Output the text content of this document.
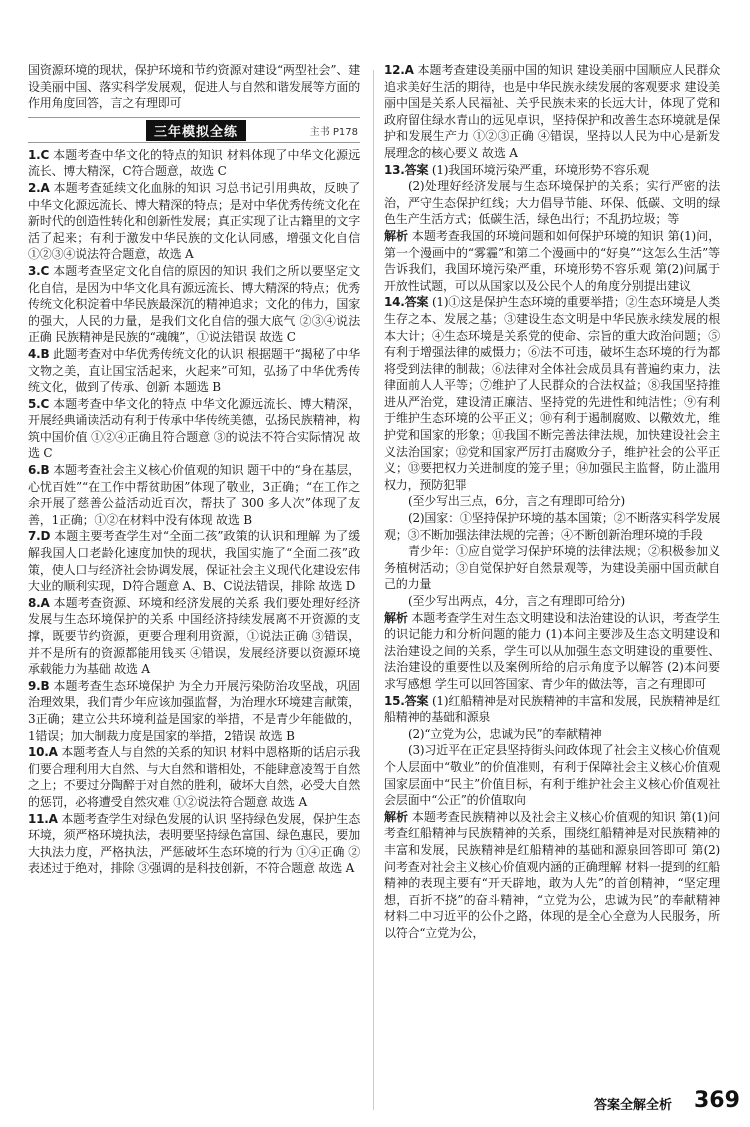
国资源环境的现状，保护环境和节约资源对建设“两型社会”、建设美丽中国、落实科学发展观，促进人与自然和谐发展等方面的作用角度回答，言之有理即可

三年模拟全练	主书 P178

1.C 本题考查中华文化的特点的知识 材料体现了中华文化源远流长、博大精深，C符合题意，故选 C

2.A 本题考查延续文化血脉的知识 习总书记引用典故，反映了中华文化源远流长、博大精深的特点；是对中华优秀传统文化在新时代的创造性转化和创新性发展；真正实现了让古籍里的文字活了起来；有利于激发中华民族的文化认同感，增强文化自信 ①②③④说法符合题意，故选 A

3.C 本题考查坚定文化自信的原因的知识 我们之所以要坚定文化自信，是因为中华文化具有源远流长、博大精深的特点；优秀传统文化积淀着中华民族最深沉的精神追求；文化的伟力，国家的强大，人民的力量，是我们文化自信的强大底气 ②③④说法正确 民族精神是民族的“魂魄”，①说法错误 故选 C

4.B 此题考查对中华优秀传统文化的认识 根据题干“揭秘了中华文物之美，直让国宝活起来，火起来”可知，弘扬了中华优秀传统文化，做到了传承、创新 本题选 B

5.C 本题考查中华文化的特点 中华文化源远流长、博大精深，开展经典诵读活动有利于传承中华传统美德，弘扬民族精神，构筑中国价值 ①②④正确且符合题意 ③的说法不符合实际情况 故选 C

6.B 本题考查社会主义核心价值观的知识 题干中的“身在基层，心忧百姓”“在工作中帮贫助困”体现了敬业，3正确；“在工作之余开展了慈善公益活动近百次，帮扶了 300 多人次”体现了友善，1正确；①②在材料中没有体现 故选 B

7.D 本题主要考查学生对“全面二孩”政策的认识和理解 为了缓解我国人口老龄化速度加快的现状，我国实施了“全面二孩”政策，使人口与经济社会协调发展，保证社会主义现代化建设宏伟大业的顺利实现，D符合题意 A、B、C说法错误，排除 故选 D

8.A 本题考查资源、环境和经济发展的关系 我们要处理好经济发展与生态环境保护的关系 中国经济持续发展离不开资源的支撑，既要节约资源，更要合理利用资源，①说法正确 ③错误，并不是所有的资源都能用钱买 ④错误，发展经济要以资源环境承载能力为基础 故选 A

9.B 本题考查生态环境保护 为全力开展污染防治攻坚战，巩固治理效果，我们青少年应该加强监督，为治理水环境建言献策，3正确；建立公共环境利益是国家的举措，不是青少年能做的，1错误；加大制裁力度是国家的举措，2错误 故选 B

10.A 本题考查人与自然的关系的知识 材料中恩格斯的话启示我们要合理利用大自然、与大自然和谐相处，不能肆意凌驾于自然之上；不要过分陶醉于对自然的胜利，破坏大自然，必受大自然的惩罚，必将遭受自然灾难 ①②说法符合题意 故选 A

11.A 本题考查学生对绿色发展的认识 坚持绿色发展，保护生态环境，须严格环境执法，表明要坚持绿色富国、绿色惠民，要加大执法力度，严格执法，严惩破坏生态环境的行为 ①④正确 ②表述过于绝对，排除 ③强调的是科技创新，不符合题意 故选 A

12.A 本题考查建设美丽中国的知识 建设美丽中国顺应人民群众追求美好生活的期待，也是中华民族永续发展的客观要求 建设美丽中国是关系人民福祉、关乎民族未来的长远大计，体现了党和政府留住绿水青山的远见卓识，坚持保护和改善生态环境就是保护和发展生产力 ①②③正确 ④错误，坚持以人民为中心是新发展理念的核心要义 故选 A

13.答案 (1)我国环境污染严重，环境形势不容乐观

(2)处理好经济发展与生态环境保护的关系；实行严密的法治，严守生态保护红线；大力倡导节能、环保、低碳、文明的绿色生产生活方式；低碳生活，绿色出行；不乱扔垃圾；等

解析 本题考查我国的环境问题和如何保护环境的知识 第(1)问，第一个漫画中的“雾霾”和第二个漫画中的“好臭”“这怎么生活”等告诉我们，我国环境污染严重，环境形势不容乐观 第(2)问属于开放性试题，可以从国家以及公民个人的角度分别提出建议

14.答案 (1)①这是保护生态环境的重要举措；②生态环境是人类生存之本、发展之基；③建设生态文明是中华民族永续发展的根本大计；④生态环境是关系党的使命、宗旨的重大政治问题；⑤有利于增强法律的威慑力；⑥法不可违，破坏生态环境的行为都将受到法律的制裁；⑥法律对全体社会成员具有普遍约束力，法律面前人人平等；⑦维护了人民群众的合法权益；⑧我国坚持推进从严治党，建设清正廉洁、坚持党的先进性和纯洁性；⑨有利于维护生态环境的公平正义；⑩有利于遏制腐败、以儆效尤，维护党和国家的形象；⑪我国不断完善法律法规，加快建设社会主义法治国家；⑫党和国家严厉打击腐败分子，维护社会的公平正义；⑬要把权力关进制度的笼子里；⑭加强民主监督，防止滥用权力，预防犯罪

(至少写出三点，6分，言之有理即可给分)

(2)国家：①坚持保护环境的基本国策；②不断落实科学发展观；③不断加强法律法规的完善；④不断创新治理环境的手段

青少年：①应自觉学习保护环境的法律法规；②积极参加义务植树活动；③自觉保护好自然景观等，为建设美丽中国贡献自己的力量

(至少写出两点，4分，言之有理即可给分)

解析 本题考查学生对生态文明建设和法治建设的认识，考查学生的识记能力和分析问题的能力 (1)本问主要涉及生态文明建设和法治建设之间的关系，学生可以从加强生态文明建设的重要性、法治建设的重要性以及案例所给的启示角度予以解答 (2)本问要求写感想 学生可以回答国家、青少年的做法等，言之有理即可

15.答案 (1)红船精神是对民族精神的丰富和发展，民族精神是红船精神的基础和源泉

(2)“立党为公，忠诚为民”的奉献精神

(3)习近平在正定县坚持街头问政体现了社会主义核心价值观个人层面中“敬业”的价值准则，有利于保障社会主义核心价值观国家层面中“民主”价值目标，有利于维护社会主义核心价值观社会层面中“公正”的价值取向

解析 本题考查民族精神以及社会主义核心价值观的知识 第(1)问考查红船精神与民族精神的关系，围绕红船精神是对民族精神的丰富和发展，民族精神是红船精神的基础和源泉回答即可 第(2)问考查对社会主义核心价值观内涵的正确理解 材料一提到的红船精神的表现主要有“开天辟地，敢为人先”的首创精神，“坚定理想，百折不挠”的奋斗精神，“立党为公，忠诚为民”的奉献精神 材料二中习近平的公仆之路，体现的是全心全意为人民服务，所以符合“立党为公，

答案全解全析 369
